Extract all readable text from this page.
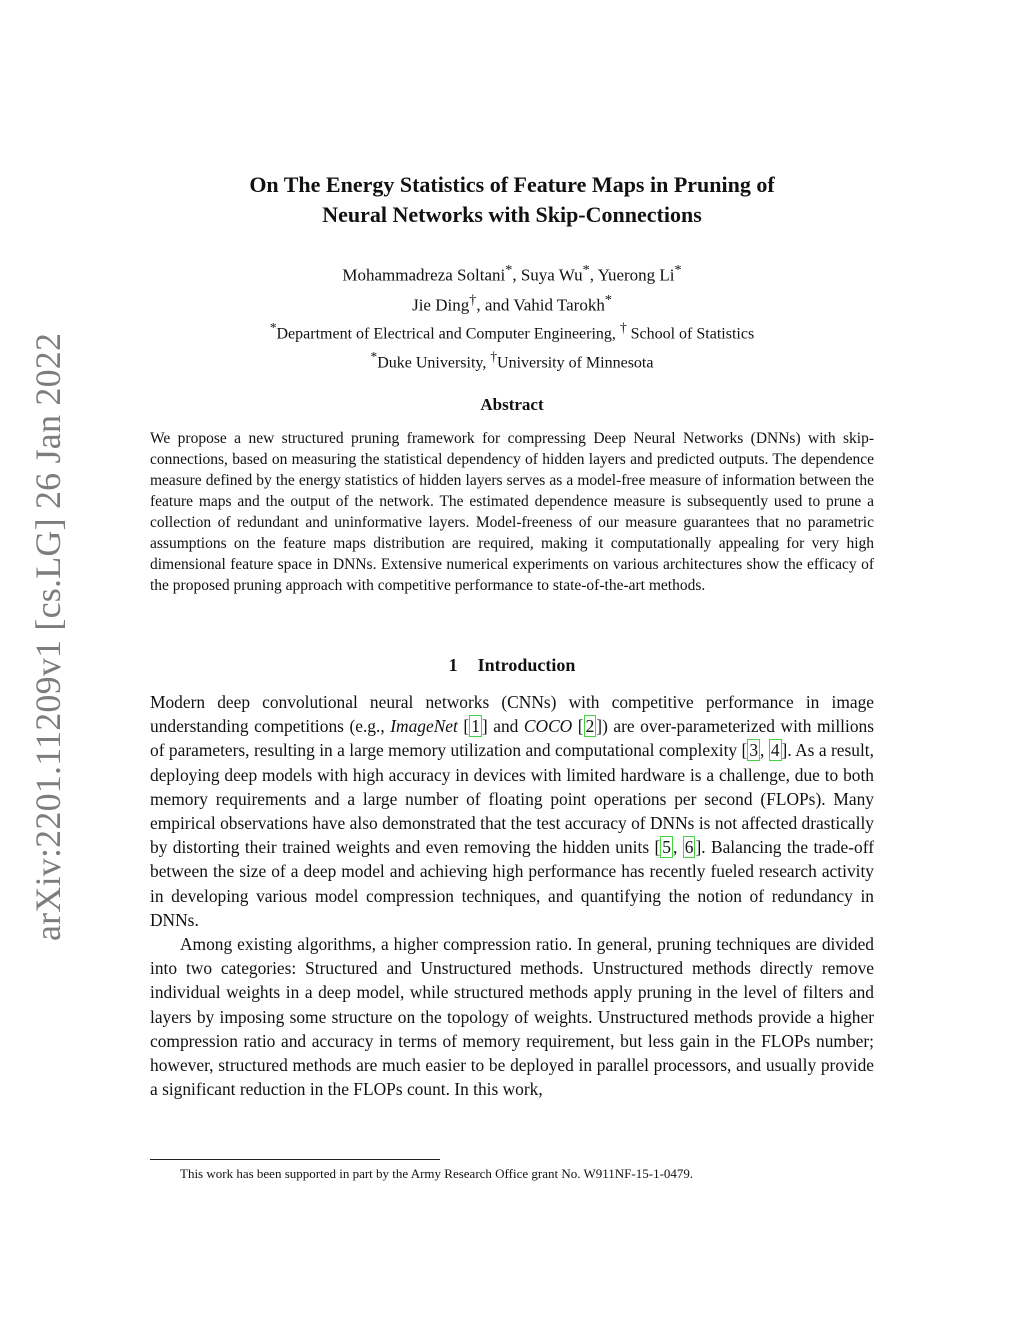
arXiv:2201.11209v1 [cs.LG] 26 Jan 2022
On The Energy Statistics of Feature Maps in Pruning of
Neural Networks with Skip-Connections
Mohammadreza Soltani*, Suya Wu*, Yuerong Li*
Jie Ding†, and Vahid Tarokh*
*Department of Electrical and Computer Engineering, † School of Statistics
*Duke University, †University of Minnesota
Abstract
We propose a new structured pruning framework for compressing Deep Neural Networks (DNNs) with skip-connections, based on measuring the statistical dependency of hidden layers and predicted outputs. The dependence measure defined by the energy statistics of hidden layers serves as a model-free measure of information between the feature maps and the output of the network. The estimated dependence measure is subsequently used to prune a collection of redundant and uninformative layers. Model-freeness of our measure guarantees that no parametric assumptions on the feature maps distribution are required, making it computationally appealing for very high dimensional feature space in DNNs. Extensive numerical experiments on various architectures show the efficacy of the proposed pruning approach with competitive performance to state-of-the-art methods.
1 Introduction

Modern deep convolutional neural networks (CNNs) with competitive performance in image understanding competitions (e.g., ImageNet [ 1 ] and COCO [ 2 ]) are over-parameterized with millions of parameters, resulting in a large memory utilization and computational complexity [ 3 , 4 ]. As a result, deploying deep models with high accuracy in devices with limited hardware is a challenge, due to both memory requirements and a large number of floating point operations per second (FLOPs). Many empirical observations have also demonstrated that the test accuracy of DNNs is not affected drastically by distorting their trained weights and even removing the hidden units [ 5 , 6 ]. Balancing the trade-off between the size of a deep model and achieving high performance has recently fueled research activity in developing various model compression techniques, and quantifying the notion of redundancy in DNNs.

Among existing algorithms, a higher compression ratio. In general, pruning techniques are divided into two categories: Structured and Unstructured methods. Unstructured methods directly remove individual weights in a deep model, while structured methods apply pruning in the level of filters and layers by imposing some structure on the topology of weights. Unstructured methods provide a higher compression ratio and accuracy in terms of memory requirement, but less gain in the FLOPs number; however, structured methods are much easier to be deployed in parallel processors, and usually provide a significant reduction in the FLOPs count. In this work,

This work has been supported in part by the Army Research Office grant No. W911NF-15-1-0479.
